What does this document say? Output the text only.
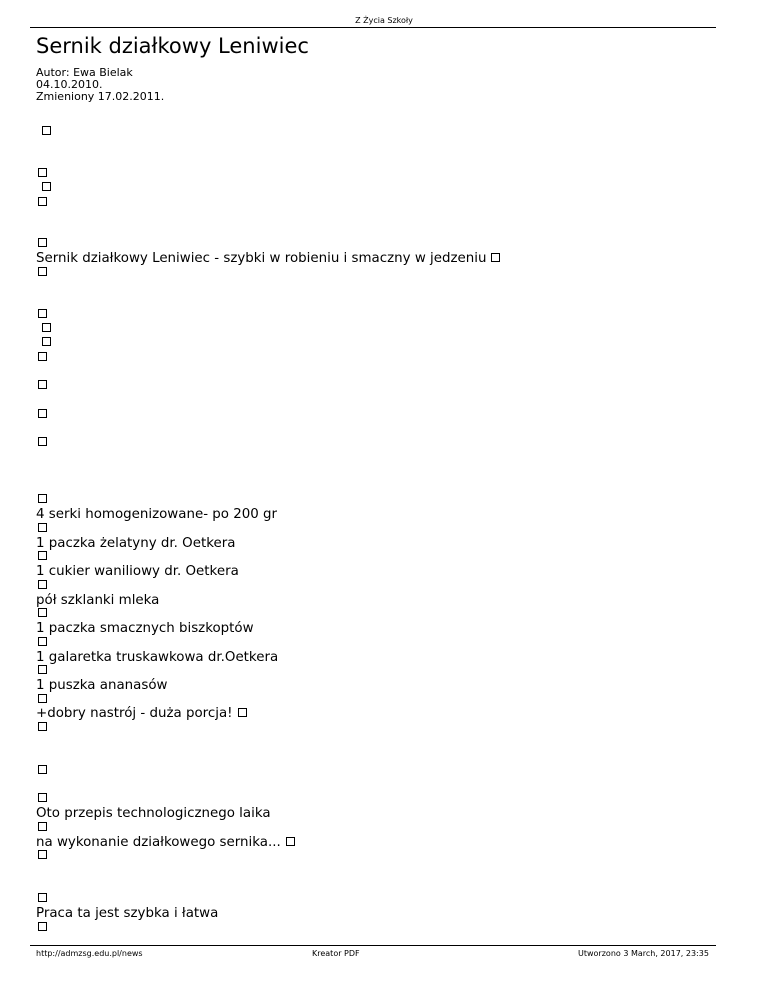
Z Życia Szkoły
Sernik działkowy Leniwiec
Autor: Ewa Bielak
04.10.2010.
Zmieniony 17.02.2011.
Sernik działkowy Leniwiec - szybki w robieniu i smaczny w jedzeniu
4 serki homogenizowane- po 200 gr
1 paczka żelatyny dr. Oetkera
1 cukier waniliowy dr. Oetkera
pół szklanki mleka
1 paczka smacznych biszkoptów
1 galaretka truskawkowa dr.Oetkera
1 puszka ananasów
+dobry nastrój - duża porcja!
Oto przepis technologicznego laika
na wykonanie działkowego sernika...
Praca ta jest szybka i łatwa
http://admzsg.edu.pl/news	Kreator PDF	Utworzono 3 March, 2017, 23:35
